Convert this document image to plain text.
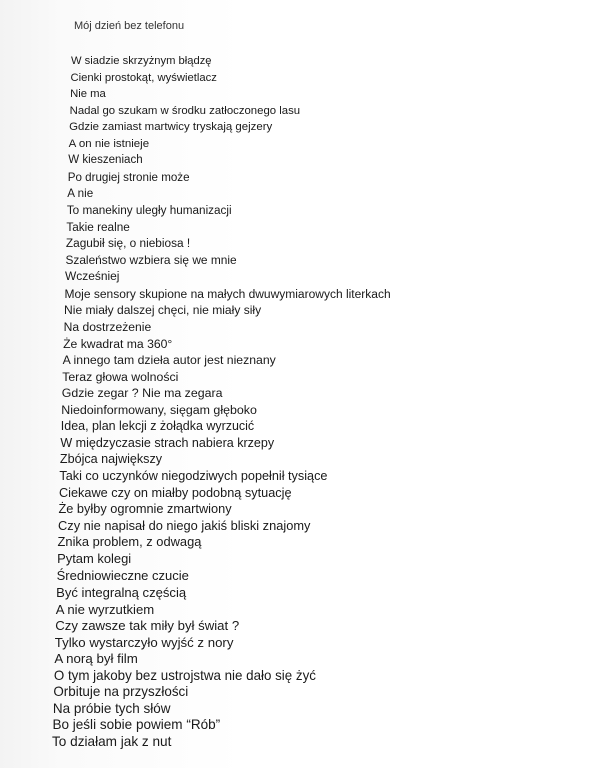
Mój dzień bez telefonu
W siadzie skrzyżnym błądzę
Cienki prostokąt, wyświetlacz
Nie ma
Nadal go szukam w środku zatłoczonego lasu
Gdzie zamiast martwicy tryskają gejzery
A on nie istnieje
W kieszeniach
Po drugiej stronie może
A nie
To manekiny uległy humanizacji
Takie realne
Zagubił się, o niebiosa !
Szaleństwo wzbiera się we mnie
Wcześniej
Moje sensory skupione na małych dwuwymiarowych literkach
Nie miały dalszej chęci, nie miały siły
Na dostrzeżenie
Że kwadrat ma 360°
A innego tam dzieła autor jest nieznany
Teraz głowa wolności
Gdzie zegar ? Nie ma zegara
Niedoinformowany, sięgam głęboko
Idea, plan lekcji z żołądka wyrzucić
W międzyczasie strach nabiera krzepy
Zbójca największy
Taki co uczynków niegodziwych popełnił tysiące
Ciekawe czy on miałby podobną sytuację
Że byłby ogromnie zmartwiony
Czy nie napisał do niego jakiś bliski znajomy
Znika problem, z odwagą
Pytam kolegi
Średniowieczne czucie
Być integralną częścią
A nie wyrzutkiem
Czy zawsze tak miły był świat ?
Tylko wystarczyło wyjść z nory
A norą był film
O tym jakoby bez ustrojstwa nie dało się żyć
Orbituje na przyszłości
Na próbie tych słów
Bo jeśli sobie powiem “Rób”
To działam jak z nut
